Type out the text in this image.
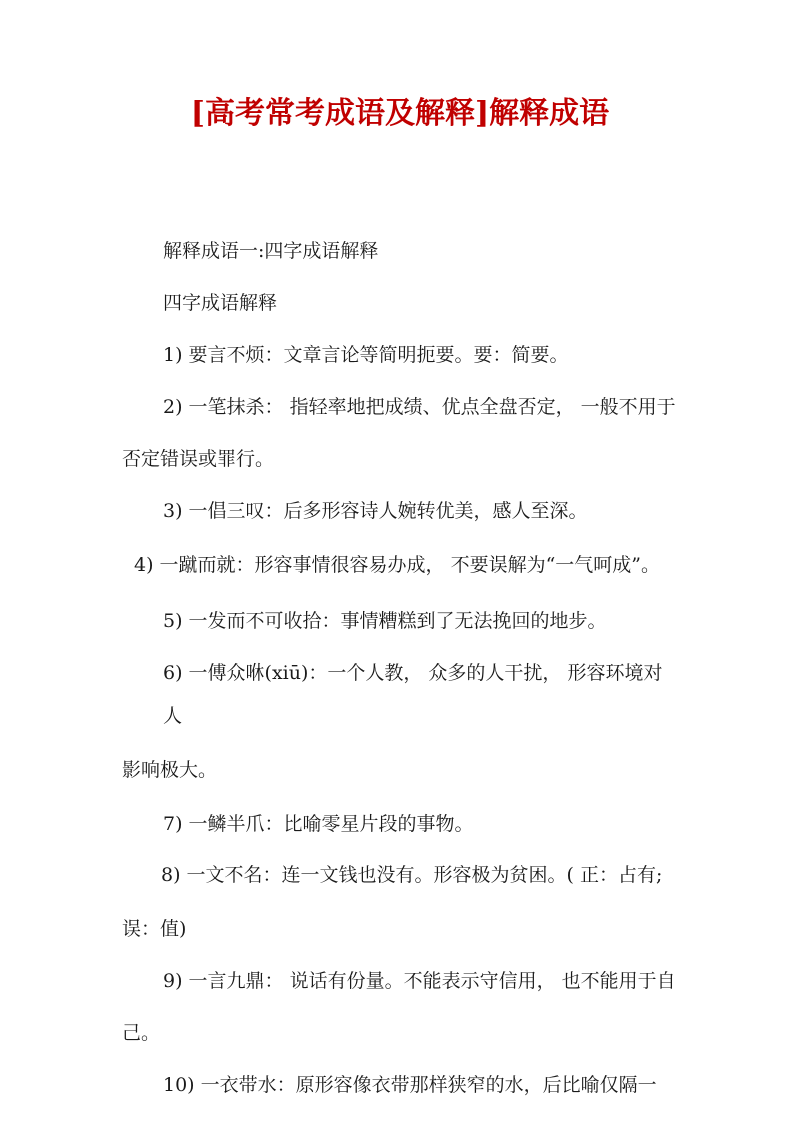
[高考常考成语及解释]解释成语
解释成语一:四字成语解释
四字成语解释
1) 要言不烦：文章言论等简明扼要。要：简要。
2) 一笔抹杀： 指轻率地把成绩、优点全盘否定， 一般不用于
否定错误或罪行。
3) 一倡三叹：后多形容诗人婉转优美，感人至深。
4) 一蹴而就：形容事情很容易办成， 不要误解为“一气呵成”。
5) 一发而不可收拾：事情糟糕到了无法挽回的地步。
6) 一傅众咻(xiū)：一个人教， 众多的人干扰， 形容环境对
人
影响极大。
7) 一鳞半爪：比喻零星片段的事物。
8) 一文不名：连一文钱也没有。形容极为贫困。( 正：占有;
误：值)
9) 一言九鼎： 说话有份量。不能表示守信用， 也不能用于自
己。
10) 一衣带水：原形容像衣带那样狭窄的水，后比喻仅隔一
